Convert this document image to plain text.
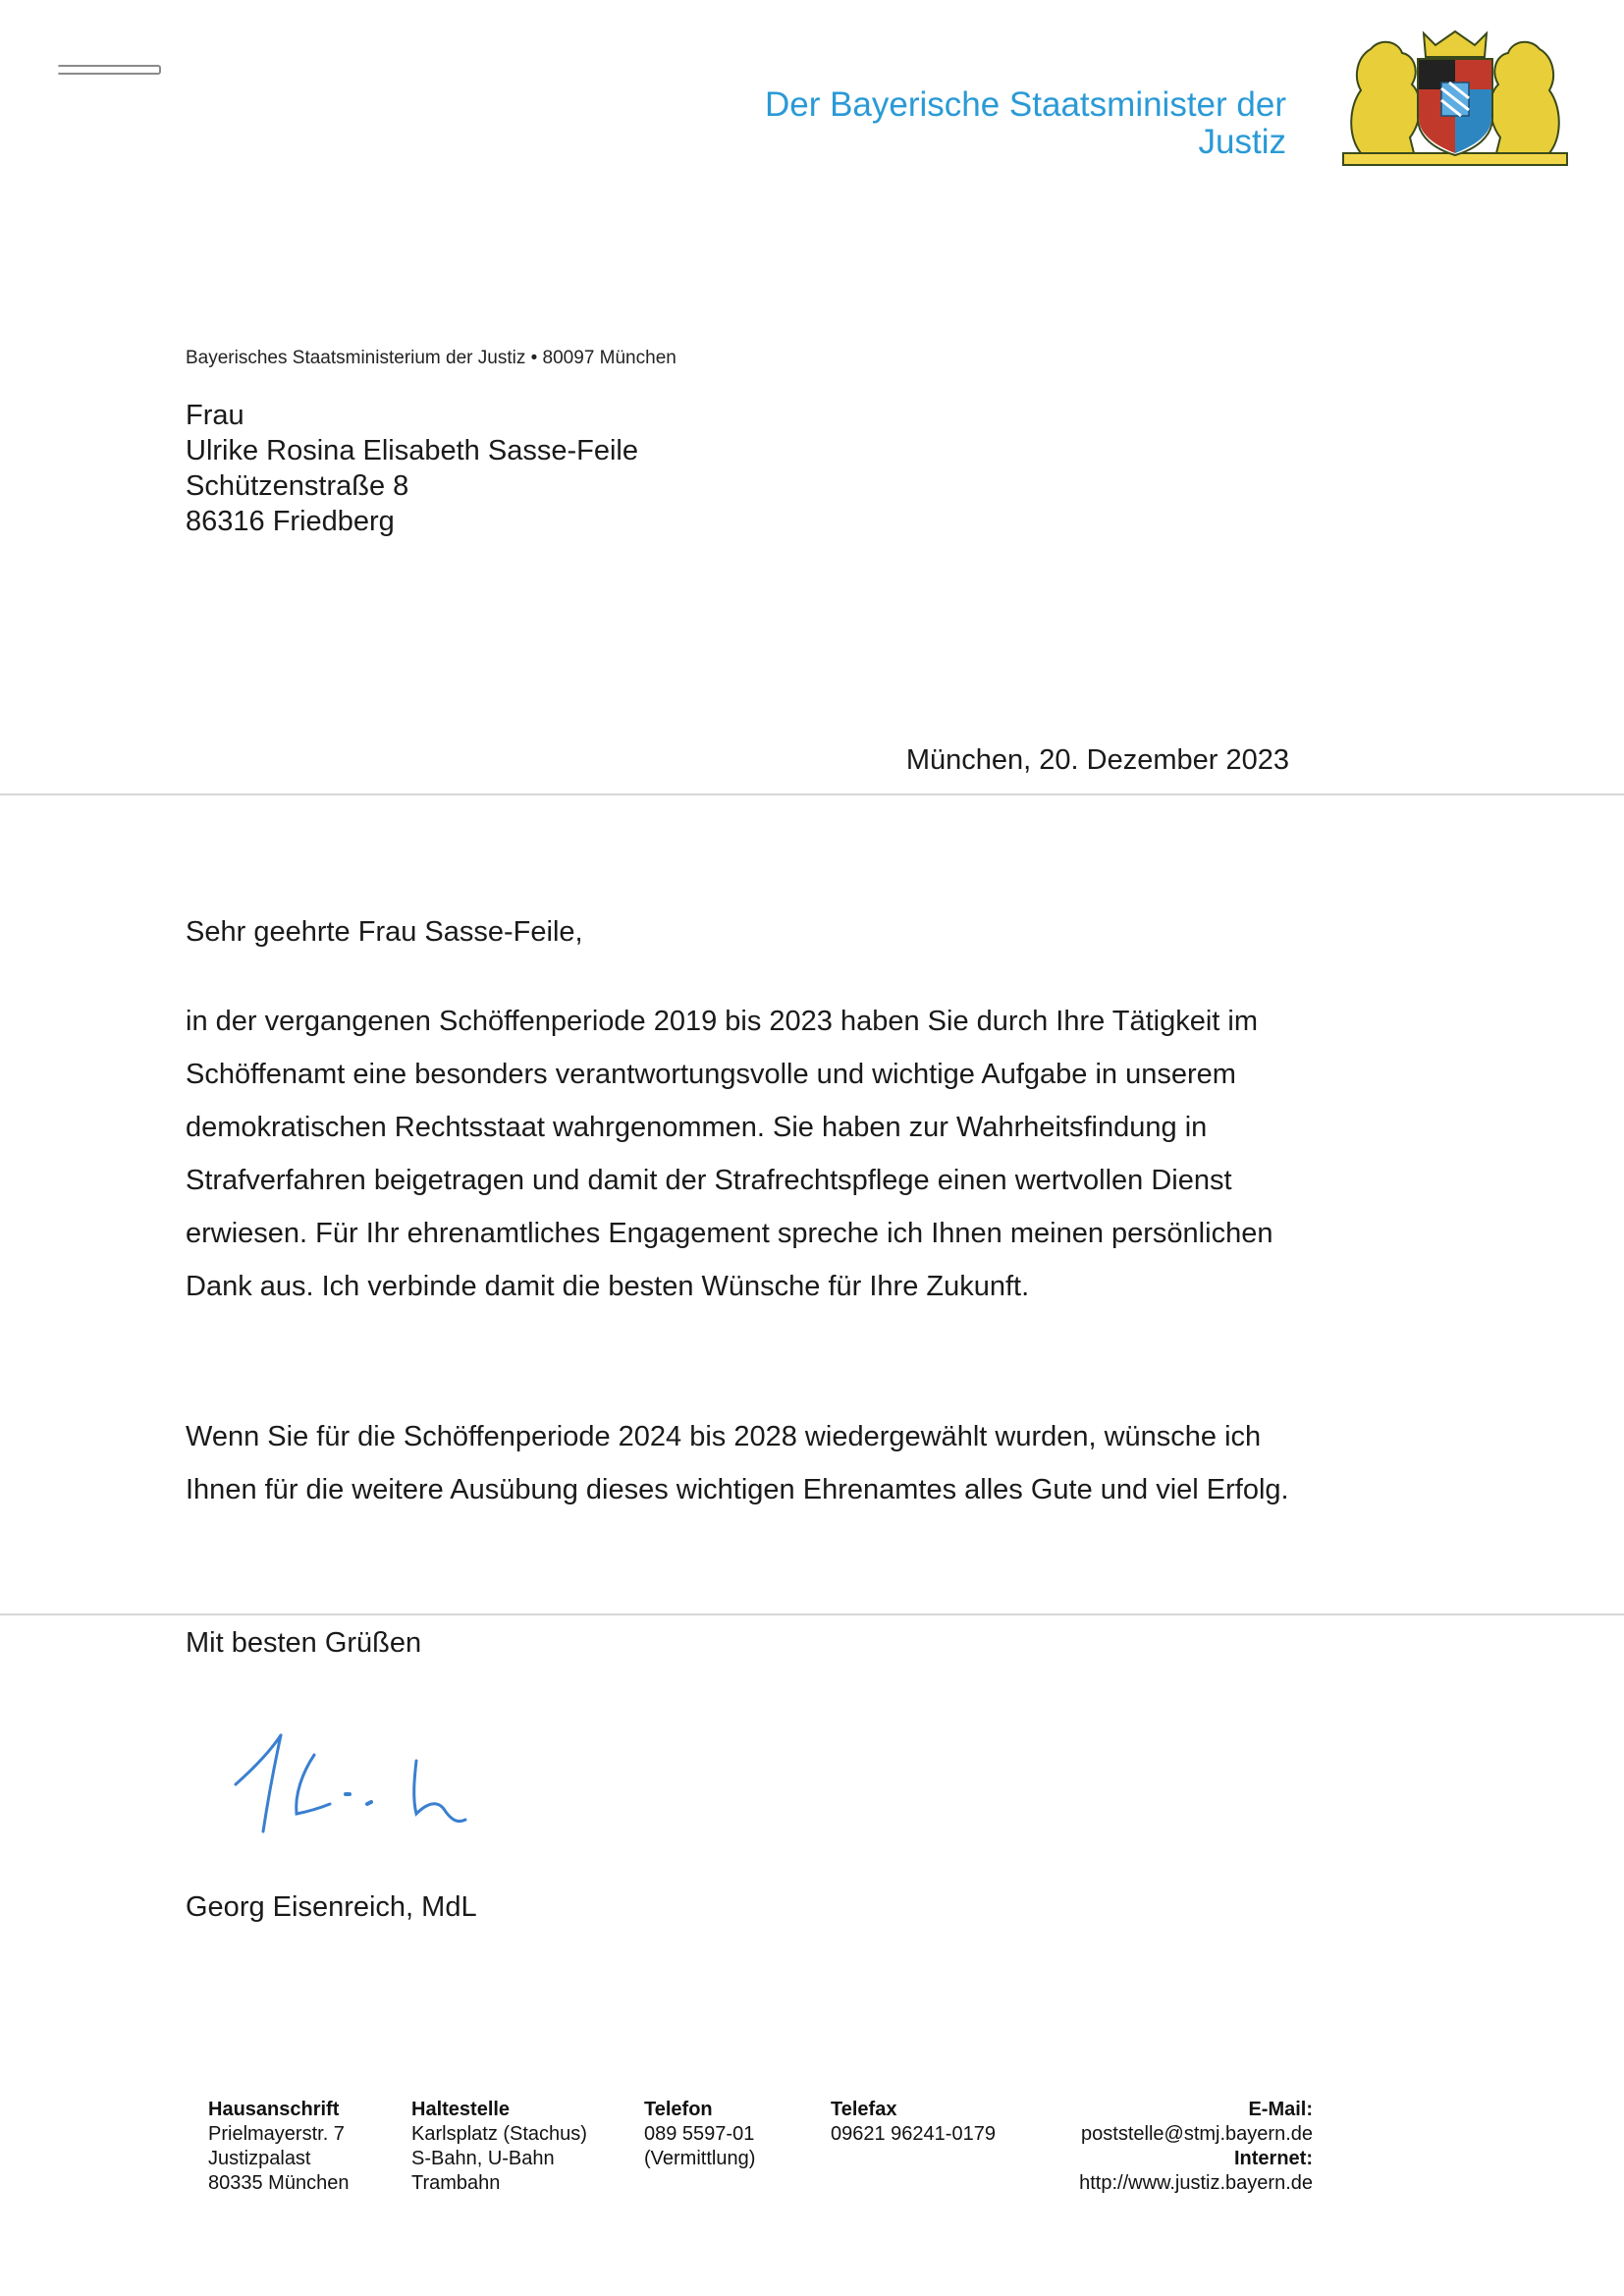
Der Bayerische Staatsminister der
Justiz
Bayerisches Staatsministerium der Justiz • 80097 München
Frau
Ulrike Rosina Elisabeth Sasse-Feile
Schützenstraße 8
86316 Friedberg
München, 20. Dezember 2023
Sehr geehrte Frau Sasse-Feile,
in der vergangenen Schöffenperiode 2019 bis 2023 haben Sie durch Ihre Tätigkeit im Schöffenamt eine besonders verantwortungsvolle und wichtige Aufgabe in unserem demokratischen Rechtsstaat wahrgenommen. Sie haben zur Wahrheitsfindung in Strafverfahren beigetragen und damit der Strafrechtspflege einen wertvollen Dienst erwiesen. Für Ihr ehrenamtliches Engagement spreche ich Ihnen meinen persönlichen Dank aus. Ich verbinde damit die besten Wünsche für Ihre Zukunft.
Wenn Sie für die Schöffenperiode 2024 bis 2028 wiedergewählt wurden, wünsche ich Ihnen für die weitere Ausübung dieses wichtigen Ehrenamtes alles Gute und viel Erfolg.
Mit besten Grüßen
Georg Eisenreich, MdL
Hausanschrift
Prielmayerstr. 7
Justizpalast
80335 München
Haltestelle
Karlsplatz (Stachus)
S-Bahn, U-Bahn
Trambahn
Telefon
089 5597-01
(Vermittlung)
Telefax
09621 96241-0179
E-Mail:
poststelle@stmj.bayern.de
Internet:
http://www.justiz.bayern.de
